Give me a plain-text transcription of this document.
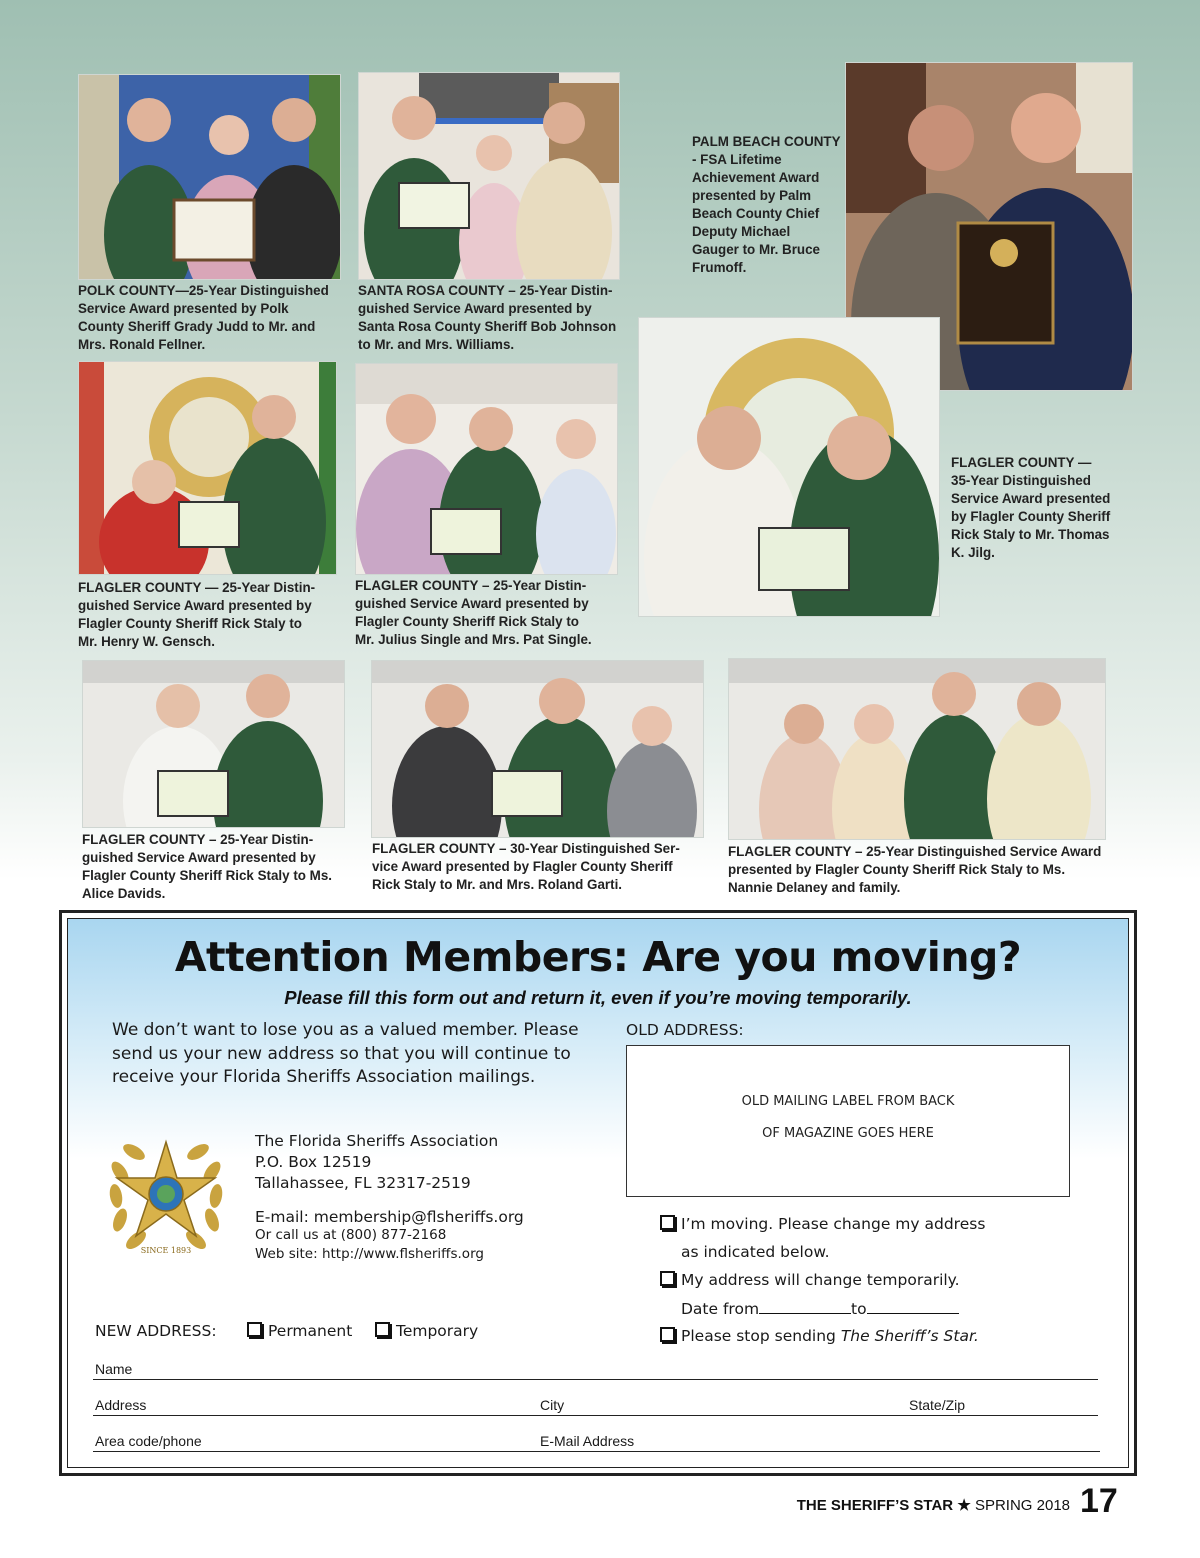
POLK COUNTY—25-Year Distinguished
Service Award presented by Polk
County Sheriff Grady Judd to Mr. and
Mrs. Ronald Fellner.

SANTA ROSA COUNTY – 25-Year Distin-
guished Service Award presented by
Santa Rosa County Sheriff Bob Johnson
to Mr. and Mrs. Williams.

PALM BEACH COUNTY
- FSA Lifetime
Achievement Award
presented by Palm
Beach County Chief
Deputy Michael
Gauger to Mr. Bruce
Frumoff.

FLAGLER COUNTY — 25-Year Distin-
guished Service Award presented by
Flagler County Sheriff Rick Staly to
Mr. Henry W. Gensch.

FLAGLER COUNTY – 25-Year Distin-
guished Service Award presented by
Flagler County Sheriff Rick Staly to
Mr. Julius Single and Mrs. Pat Single.

FLAGLER COUNTY —
35-Year Distinguished
Service Award presented
by Flagler County Sheriff
Rick Staly to Mr. Thomas
K. Jilg.

FLAGLER COUNTY – 25-Year Distin-
guished Service Award presented by
Flagler County Sheriff Rick Staly to Ms.
Alice Davids.

FLAGLER COUNTY – 30-Year Distinguished Ser-
vice Award presented by Flagler County Sheriff
Rick Staly to Mr. and Mrs. Roland Garti.

FLAGLER COUNTY – 25-Year Distinguished Service Award
presented by Flagler County Sheriff Rick Staly to Ms.
Nannie Delaney and family.

Attention Members: Are you moving?

Please fill this form out and return it, even if you’re moving temporarily.

We don’t want to lose you as a valued member. Please send us your new address so that you will continue to receive your Florida Sheriffs Association mailings.

OLD ADDRESS:

OLD MAILING LABEL FROM BACK

OF MAGAZINE GOES HERE

SINCE 1893

The Florida Sheriffs Association

P.O. Box 12519

Tallahassee, FL 32317-2519

E-mail: membership@flsheriffs.org

Or call us at (800) 877-2168

Web site: http://www.flsheriffs.org

I’m moving. Please change my address

as indicated below.

My address will change temporarily.

Date from	to

Please stop sending The Sheriff’s Star.

NEW ADDRESS:	Permanent	Temporary

Name

Address	City	State/Zip

Area code/phone	E-Mail Address

THE SHERIFF’S STAR ★ SPRING 2018 17
